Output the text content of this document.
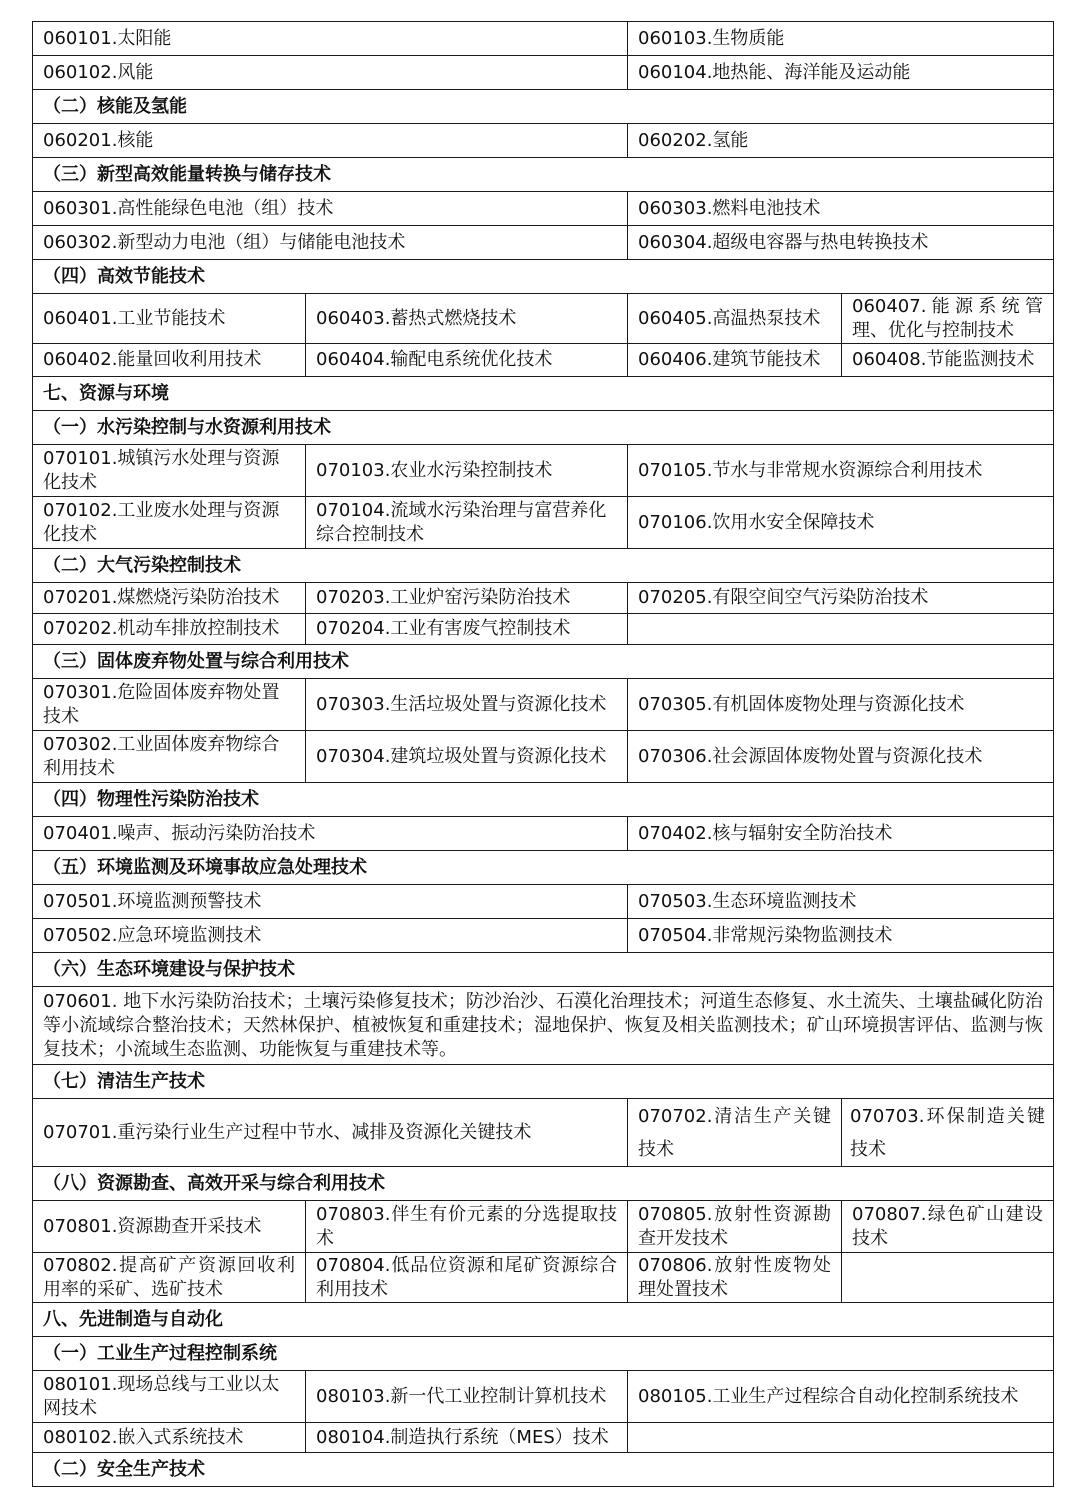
060101.太阳能		060103.生物质能	
060102.风能		060104.地热能、海洋能及运动能	
（二）核能及氢能			
060201.核能		060202.氢能	
（三）新型高效能量转换与储存技术			
060301.高性能绿色电池（组）技术		060303.燃料电池技术	
060302.新型动力电池（组）与储能电池技术		060304.超级电容器与热电转换技术	
（四）高效节能技术			
060401.工业节能技术	060403.蓄热式燃烧技术	060405.高温热泵技术	060407.能源系统管理、优化与控制技术
060402.能量回收利用技术	060404.输配电系统优化技术	060406.建筑节能技术	060408.节能监测技术
七、资源与环境			
（一）水污染控制与水资源利用技术			
070101.城镇污水处理与资源化技术	070103.农业水污染控制技术	070105.节水与非常规水资源综合利用技术	
070102.工业废水处理与资源化技术	070104.流域水污染治理与富营养化综合控制技术	070106.饮用水安全保障技术	
（二）大气污染控制技术			
070201.煤燃烧污染防治技术	070203.工业炉窑污染防治技术	070205.有限空间空气污染防治技术	
070202.机动车排放控制技术	070204.工业有害废气控制技术		
（三）固体废弃物处置与综合利用技术			
070301.危险固体废弃物处置技术	070303.生活垃圾处置与资源化技术	070305.有机固体废物处理与资源化技术	
070302.工业固体废弃物综合利用技术	070304.建筑垃圾处置与资源化技术	070306.社会源固体废物处置与资源化技术	
（四）物理性污染防治技术			
070401.噪声、振动污染防治技术		070402.核与辐射安全防治技术	
（五）环境监测及环境事故应急处理技术			
070501.环境监测预警技术		070503.生态环境监测技术	
070502.应急环境监测技术		070504.非常规污染物监测技术	
（六）生态环境建设与保护技术			
070601. 地下水污染防治技术；土壤污染修复技术；防沙治沙、石漠化治理技术；河道生态修复、水土流失、土壤盐碱化防治等小流域综合整治技术；天然林保护、植被恢复和重建技术；湿地保护、恢复及相关监测技术；矿山环境损害评估、监测与恢复技术；小流域生态监测、功能恢复与重建技术等。			
（七）清洁生产技术			
070701.重污染行业生产过程中节水、减排及资源化关键技术		070702.清洁生产关键技术	070703.环保制造关键技术
（八）资源勘查、高效开采与综合利用技术			
070801.资源勘查开采技术	070803.伴生有价元素的分选提取技术	070805.放射性资源勘查开发技术	070807.绿色矿山建设技术
070802.提高矿产资源回收利用率的采矿、选矿技术	070804.低品位资源和尾矿资源综合利用技术	070806.放射性废物处理处置技术	
八、先进制造与自动化			
（一）工业生产过程控制系统			
080101.现场总线与工业以太网技术	080103.新一代工业控制计算机技术	080105.工业生产过程综合自动化控制系统技术	
080102.嵌入式系统技术	080104.制造执行系统（MES）技术		
（二）安全生产技术			
